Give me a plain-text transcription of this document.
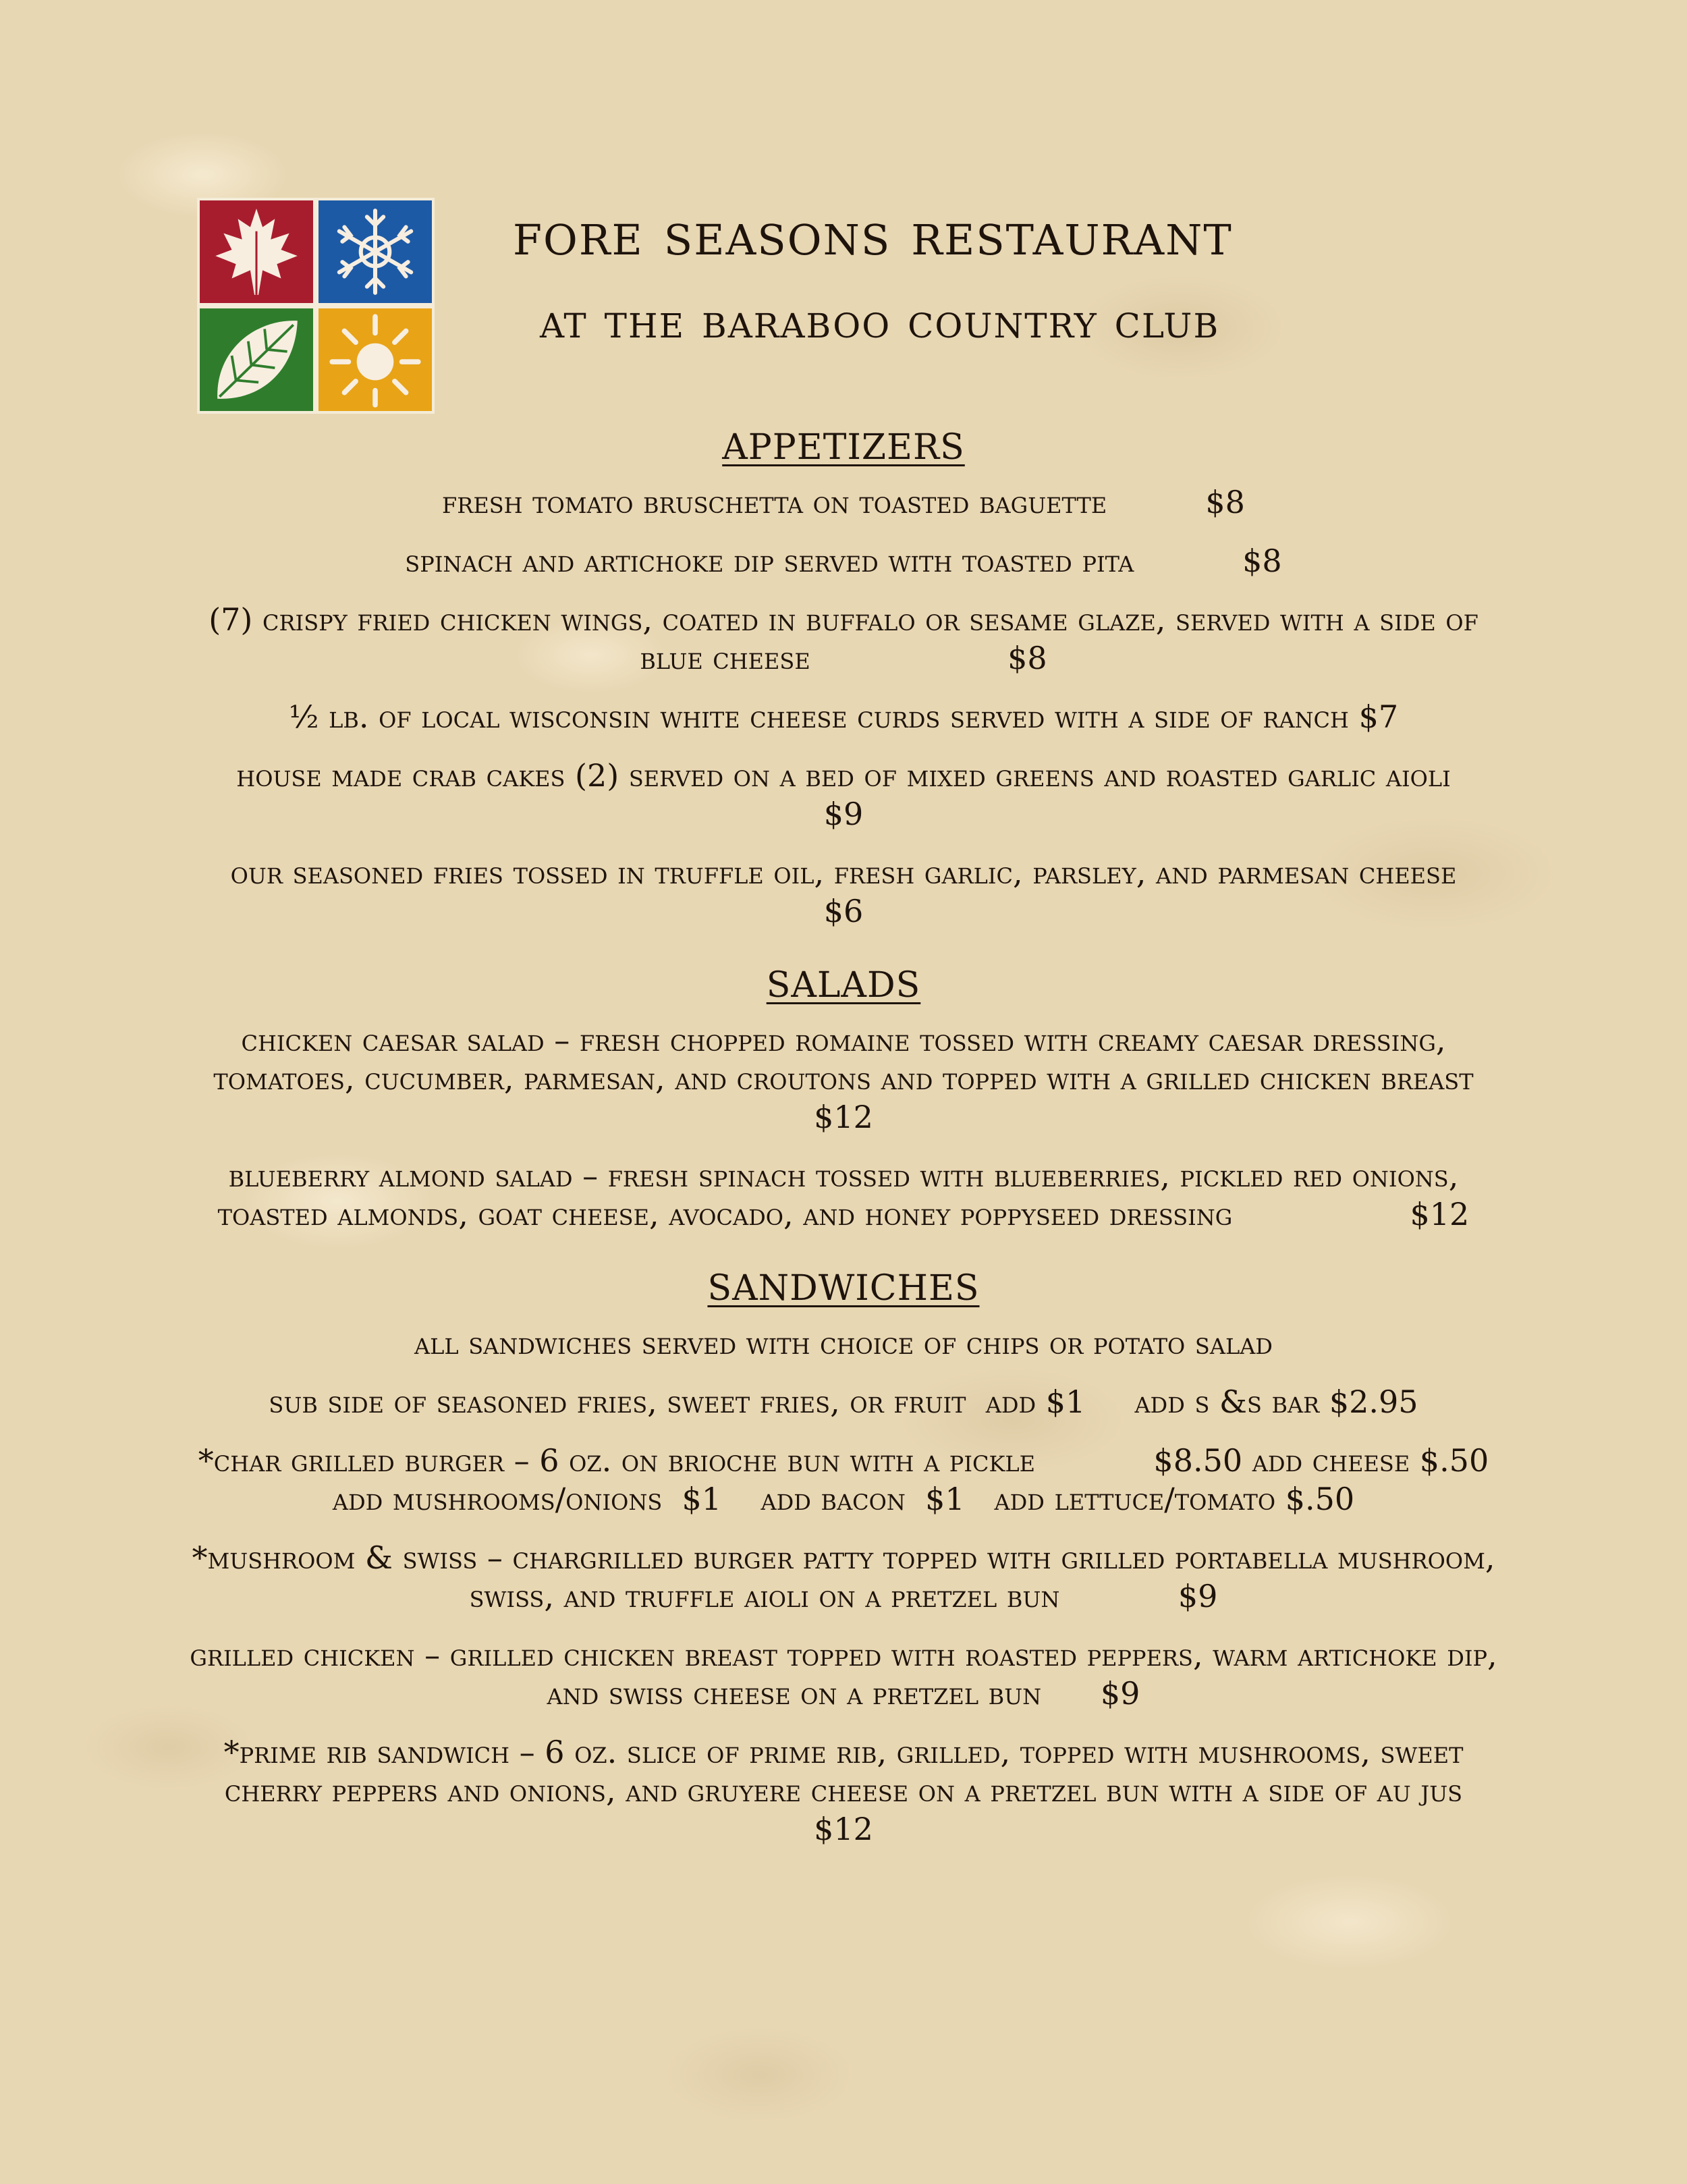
fore seasons restaurant
at the baraboo country club
appetizers
fresh tomato bruschetta on toasted baguette          $8
spinach and artichoke dip served with toasted pita           $8
(7) crispy fried chicken wings, coated in buffalo or sesame glaze, served with a side of blue cheese                    $8
½ lb. of local wisconsin white cheese curds served with a side of ranch $7
house made crab cakes (2) served on a bed of mixed greens and roasted garlic aioli                    $9
our seasoned fries tossed in truffle oil, fresh garlic, parsley, and parmesan cheese              $6
salads
chicken caesar salad – fresh chopped romaine tossed with creamy caesar dressing, tomatoes, cucumber, parmesan, and croutons and topped with a grilled chicken breast     $12
blueberry almond salad – fresh spinach tossed with blueberries, pickled red onions, toasted almonds, goat cheese, avocado, and honey poppyseed dressing                  $12
sandwiches
all sandwiches served with choice of chips or potato salad
sub side of seasoned fries, sweet fries, or fruit  add $1     add s &s bar $2.95
*char grilled burger – 6 oz. on brioche bun with a pickle            $8.50 add cheese $.50   add mushrooms/onions  $1    add bacon  $1   add lettuce/tomato $.50
*mushroom & swiss – chargrilled burger patty topped with grilled portabella mushroom, swiss, and truffle aioli on a pretzel bun            $9
grilled chicken – grilled chicken breast topped with roasted peppers, warm artichoke dip, and swiss cheese on a pretzel bun      $9
*prime rib sandwich – 6 oz. slice of prime rib, grilled, topped with mushrooms, sweet cherry peppers and onions, and gruyere cheese on a pretzel bun with a side of au jus      $12
